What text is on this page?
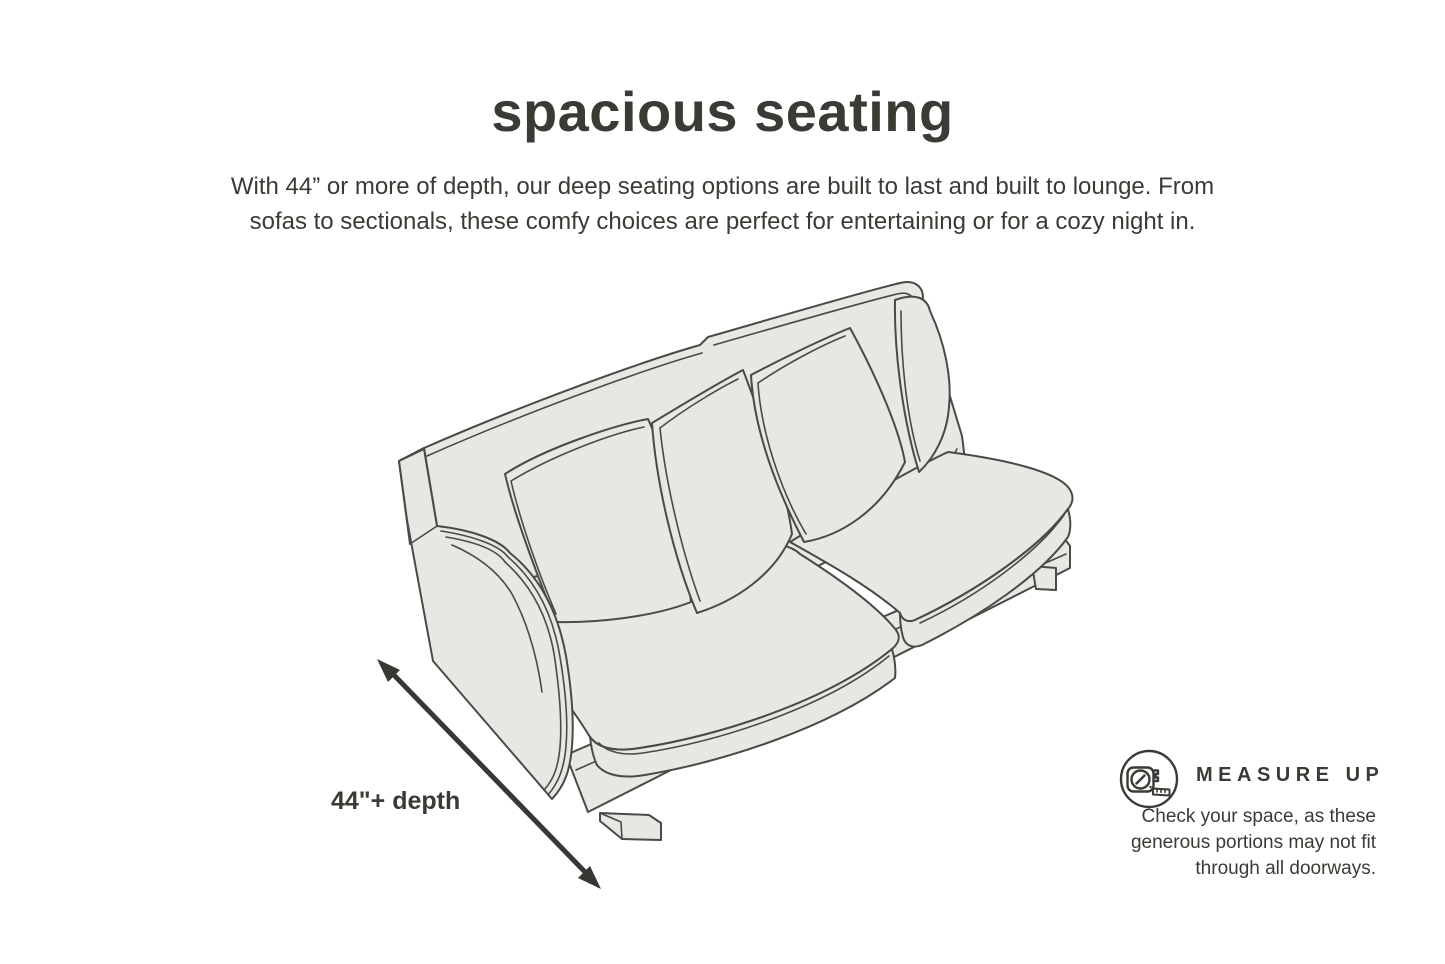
spacious seating

With 44” or more of depth, our deep seating options are built to last and built to lounge. From
sofas to sectionals, these comfy choices are perfect for entertaining or for a cozy night in.

44"+ depth
MEASURE UP

Check your space, as these
generous portions may not fit
through all doorways.
